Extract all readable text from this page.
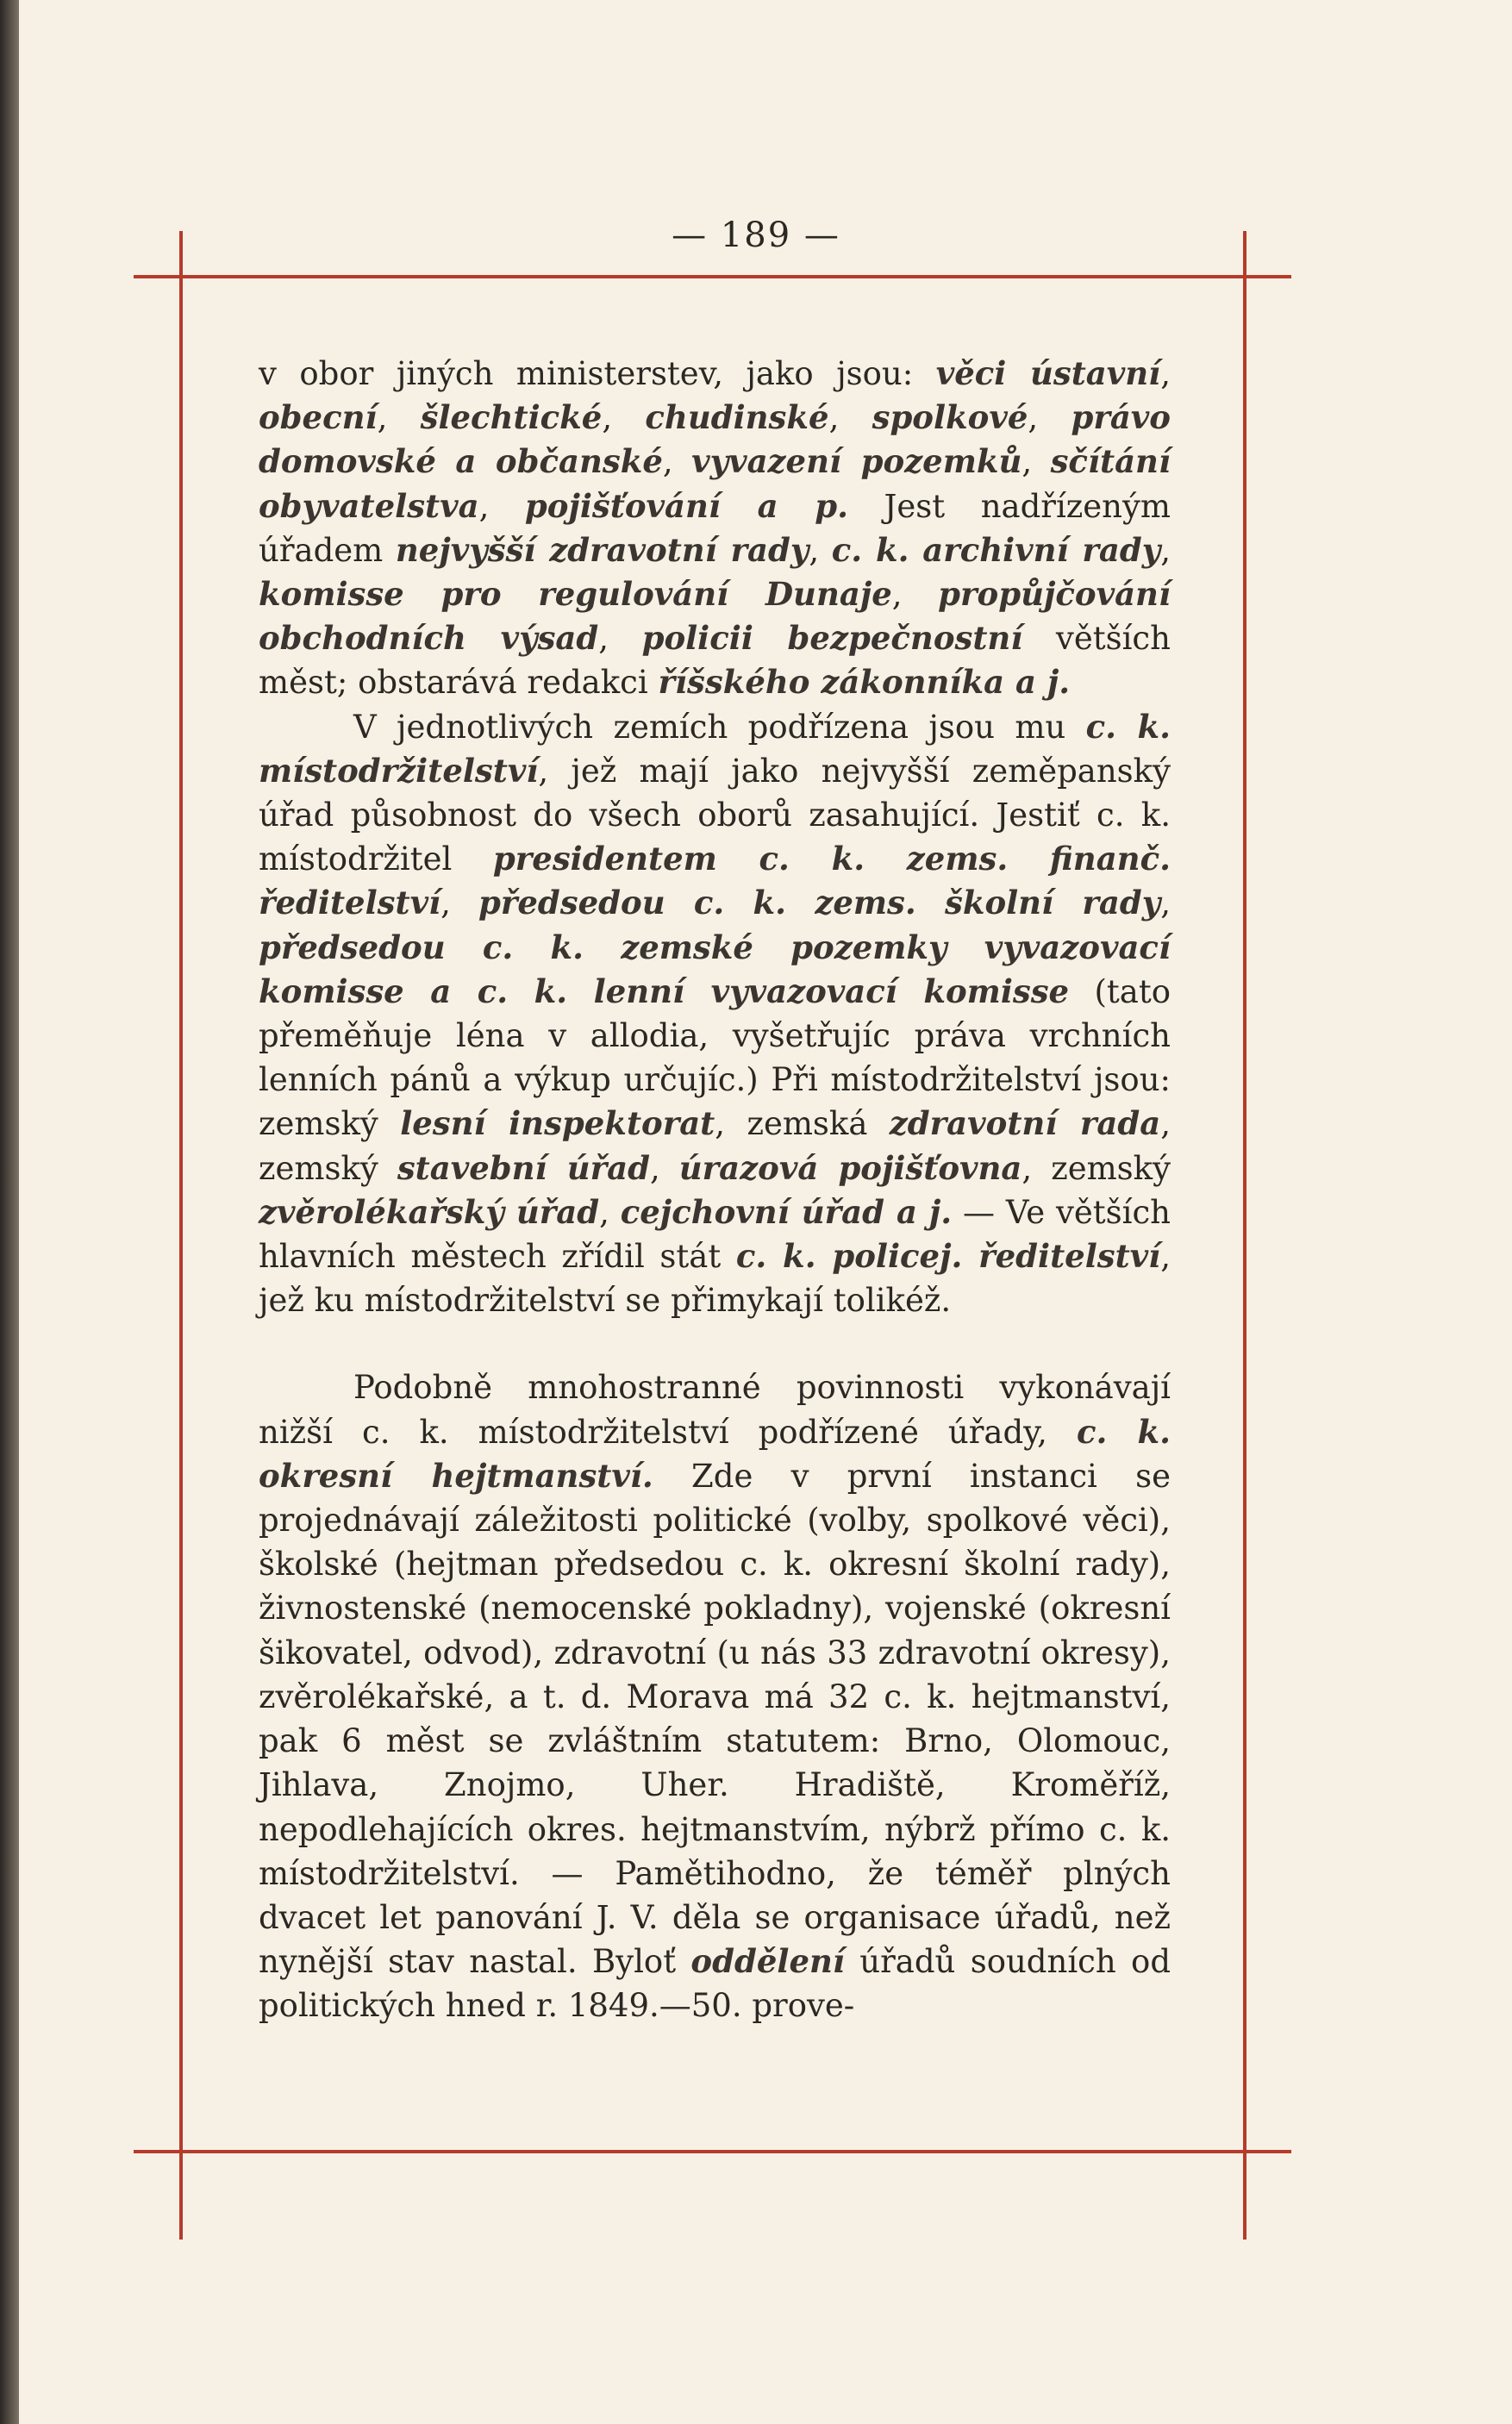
— 189 —

v obor jiných ministerstev, jako jsou: věci ústavní, obecní, šlechtické, chudinské, spolkové, právo domovské a občanské, vyvazení pozemků, sčítání obyvatelstva, pojišťování a p. Jest nadřízeným úřadem nejvyšší zdravotní rady, c. k. archivní rady, komisse pro regulování Dunaje, propůjčování obchodních výsad, policii bezpečnostní větších měst; obstarává redakci říšského zákonníka a j.

V jednotlivých zemích podřízena jsou mu c. k. místodržitelství, jež mají jako nejvyšší zeměpanský úřad působnost do všech oborů zasahující. Jestiť c. k. místodržitel presidentem c. k. zems. finanč. ředitelství, předsedou c. k. zems. školní rady, předsedou c. k. zemské pozemky vyvazovací komisse a c. k. lenní vyvazovací komisse (tato přeměňuje léna v allodia, vyšetřujíc práva vrchních lenních pánů a výkup určujíc.) Při místodržitelství jsou: zemský lesní inspektorat, zemská zdravotní rada, zemský stavební úřad, úrazová pojišťovna, zemský zvěrolékařský úřad, cejchovní úřad a j. — Ve větších hlavních městech zřídil stát c. k. policej. ředitelství, jež ku místodržitelství se přimykají tolikéž.

Podobně mnohostranné povinnosti vykonávají nižší c. k. místodržitelství podřízené úřady, c. k. okresní hejtmanství. Zde v první instanci se projednávají záležitosti politické (volby, spolkové věci), školské (hejtman předsedou c. k. okresní školní rady), živnostenské (nemocenské pokladny), vojenské (okresní šikovatel, odvod), zdravotní (u nás 33 zdravotní okresy), zvěrolékařské, a t. d. Morava má 32 c. k. hejtmanství, pak 6 měst se zvláštním statutem: Brno, Olomouc, Jihlava, Znojmo, Uher. Hradiště, Kroměříž, nepodlehajících okres. hejtmanstvím, nýbrž přímo c. k. místodržitelství. — Pamětihodno, že téměř plných dvacet let panování J. V. děla se organisace úřadů, než nynější stav nastal. Byloť oddělení úřadů soudních od politických hned r. 1849.—50. prove-
